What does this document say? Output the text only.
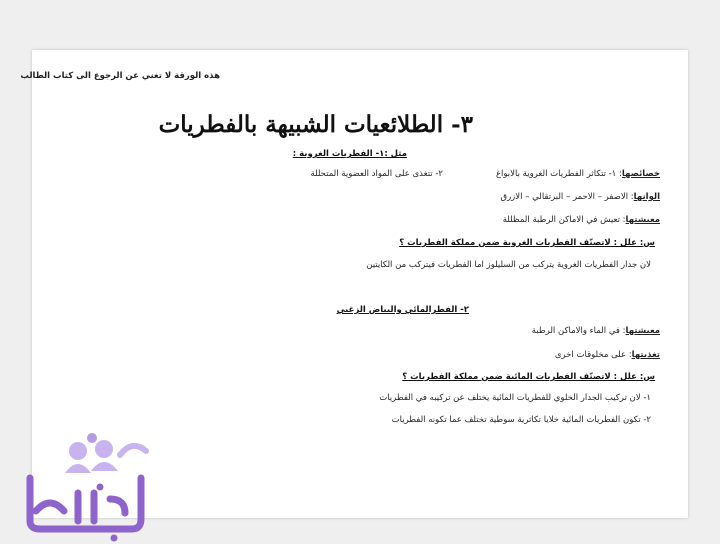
هذه الورقة لا تغني عن الرجوع الى كتاب الطالب
٣- الطلائعيات الشبيهة بالفطريات
مثل :١- الفطريات الغروية :
خصائصها: ١- تتكاثر الفطريات الغروية بالابواغ
٢- تتغذى على المواد العضوية المتحللة
الوانها: الاصفر – الاحمر – البرتقالي – الازرق
معيشتها: تعيش في الاماكن الرطبة المظللة
س: علل : لاتصنّف الفطريات الغروية ضمن مملكة الفطريات ؟
لان جدار الفطريات الغروية يتركب من السليلوز اما الفطريات فيتركب من الكايتين
٢- الفطرالمائي والبياض الزغبي
معيشتها: في الماء والاماكن الرطبة
تغذيتها: على مخلوقات اخرى
س: علل : لاتصنّف الفطريات المائية ضمن مملكة الفطريات ؟
١- لان تركيب الجدار الخلوي للفطريات المائية يختلف عن تركيبه في الفطريات
٢- تكون الفطريات المائية خلايا تكاثرية سوطية تختلف عما تكونه الفطريات
